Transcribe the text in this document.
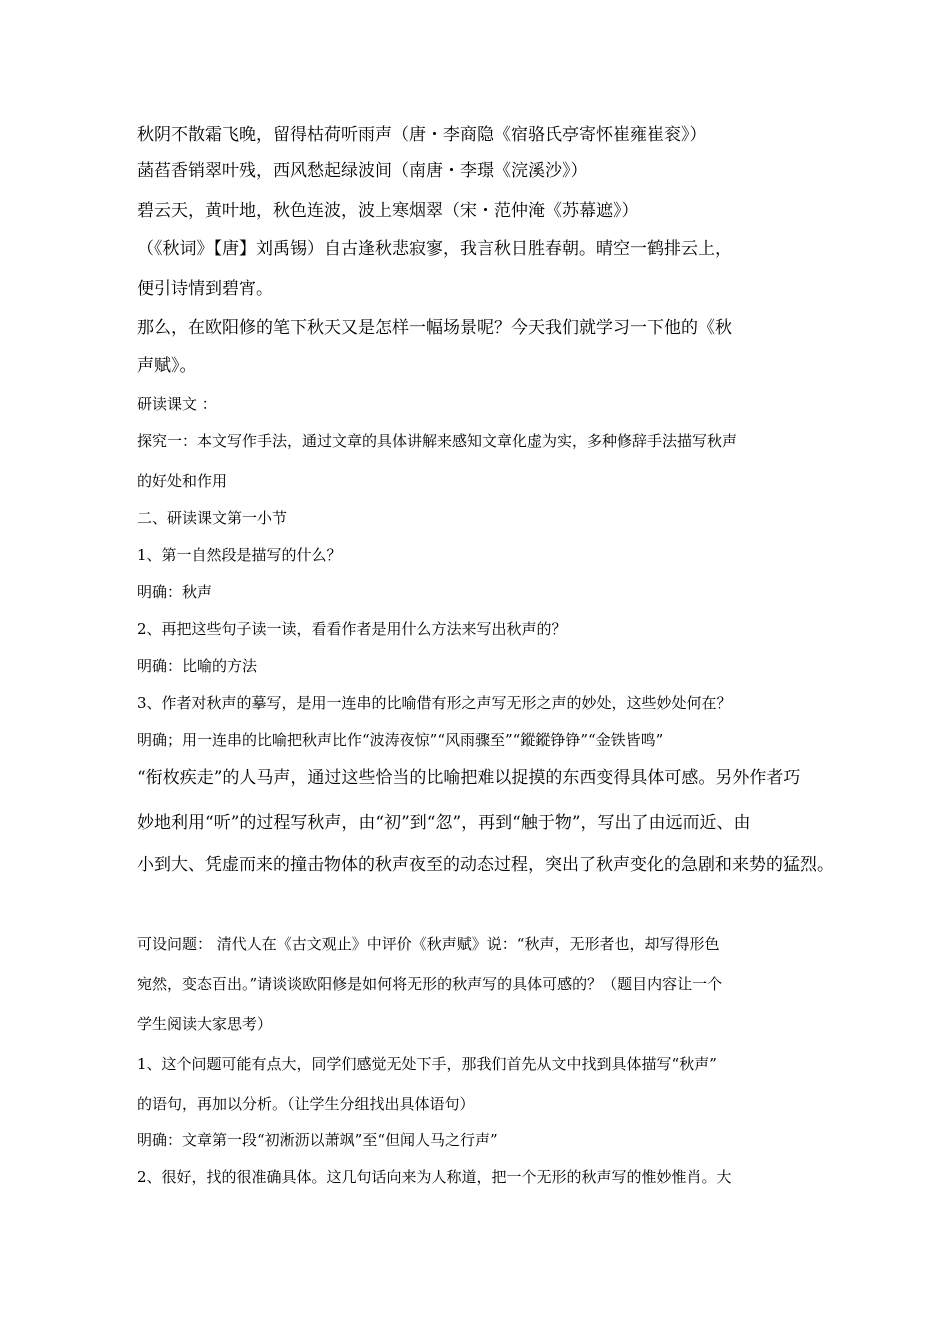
秋阴不散霜飞晚，留得枯荷听雨声（唐・李商隐《宿骆氏亭寄怀崔雍崔衮》）
菡萏香销翠叶残，西风愁起绿波间（南唐・李璟《浣溪沙》）
碧云天，黄叶地，秋色连波，波上寒烟翠（宋・范仲淹《苏幕遮》）
（《秋词》【唐】刘禹锡）自古逢秋悲寂寥，我言秋日胜春朝。晴空一鹤排云上，
便引诗情到碧宵。
那么，在欧阳修的笔下秋天又是怎样一幅场景呢？今天我们就学习一下他的《秋
声赋》。
研读课文 ：
探究一：本文写作手法，通过文章的具体讲解来感知文章化虚为实，多种修辞手法描写秋声
的好处和作用
二、研读课文第一小节
1、第一自然段是描写的什么？
明确：秋声
2、再把这些句子读一读，看看作者是用什么方法来写出秋声的？
明确：比喻的方法
3、作者对秋声的摹写，是用一连串的比喻借有形之声写无形之声的妙处，这些妙处何在？
明确；用一连串的比喻把秋声比作“波涛夜惊”“风雨骤至”“鏦鏦铮铮”“金铁皆鸣”
“衔枚疾走”的人马声，通过这些恰当的比喻把难以捉摸的东西变得具体可感。另外作者巧
妙地利用“听”的过程写秋声，由“初”到“忽”，再到“触于物”，写出了由远而近、由
小到大、凭虚而来的撞击物体的秋声夜至的动态过程，突出了秋声变化的急剧和来势的猛烈。
可设问题： 清代人在《古文观止》中评价《秋声赋》说：“秋声，无形者也，却写得形色
宛然，变态百出。”请谈谈欧阳修是如何将无形的秋声写的具体可感的？（题目内容让一个
学生阅读大家思考）
1、这个问题可能有点大，同学们感觉无处下手，那我们首先从文中找到具体描写“秋声”
的语句，再加以分析。（让学生分组找出具体语句）
明确：文章第一段“初淅沥以萧飒”至“但闻人马之行声”
2、很好，找的很准确具体。这几句话向来为人称道，把一个无形的秋声写的惟妙惟肖。大
